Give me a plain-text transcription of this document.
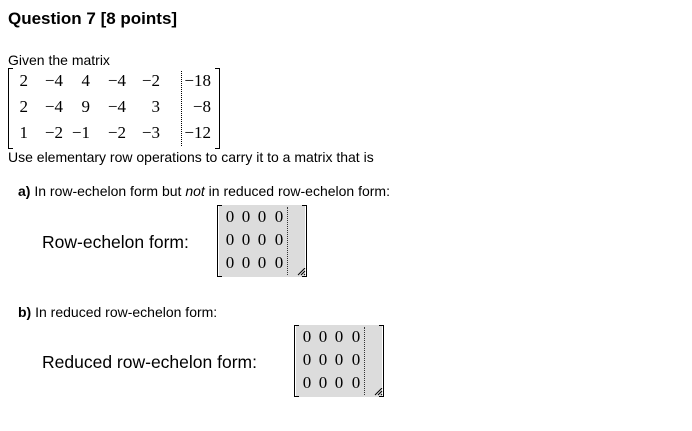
Question 7 [8 points]
Given the matrix
2 −4 4 −4 −2 −18
2 −4 9 −4 3 −8
1 −2 −1 −2 −3 −12
Use elementary row operations to carry it to a matrix that is
a) In row-echelon form but not in reduced row-echelon form:
Row-echelon form:
0 0 0 0
0 0 0 0
0 0 0 0
b) In reduced row-echelon form:
Reduced row-echelon form:
0 0 0 0
0 0 0 0
0 0 0 0
